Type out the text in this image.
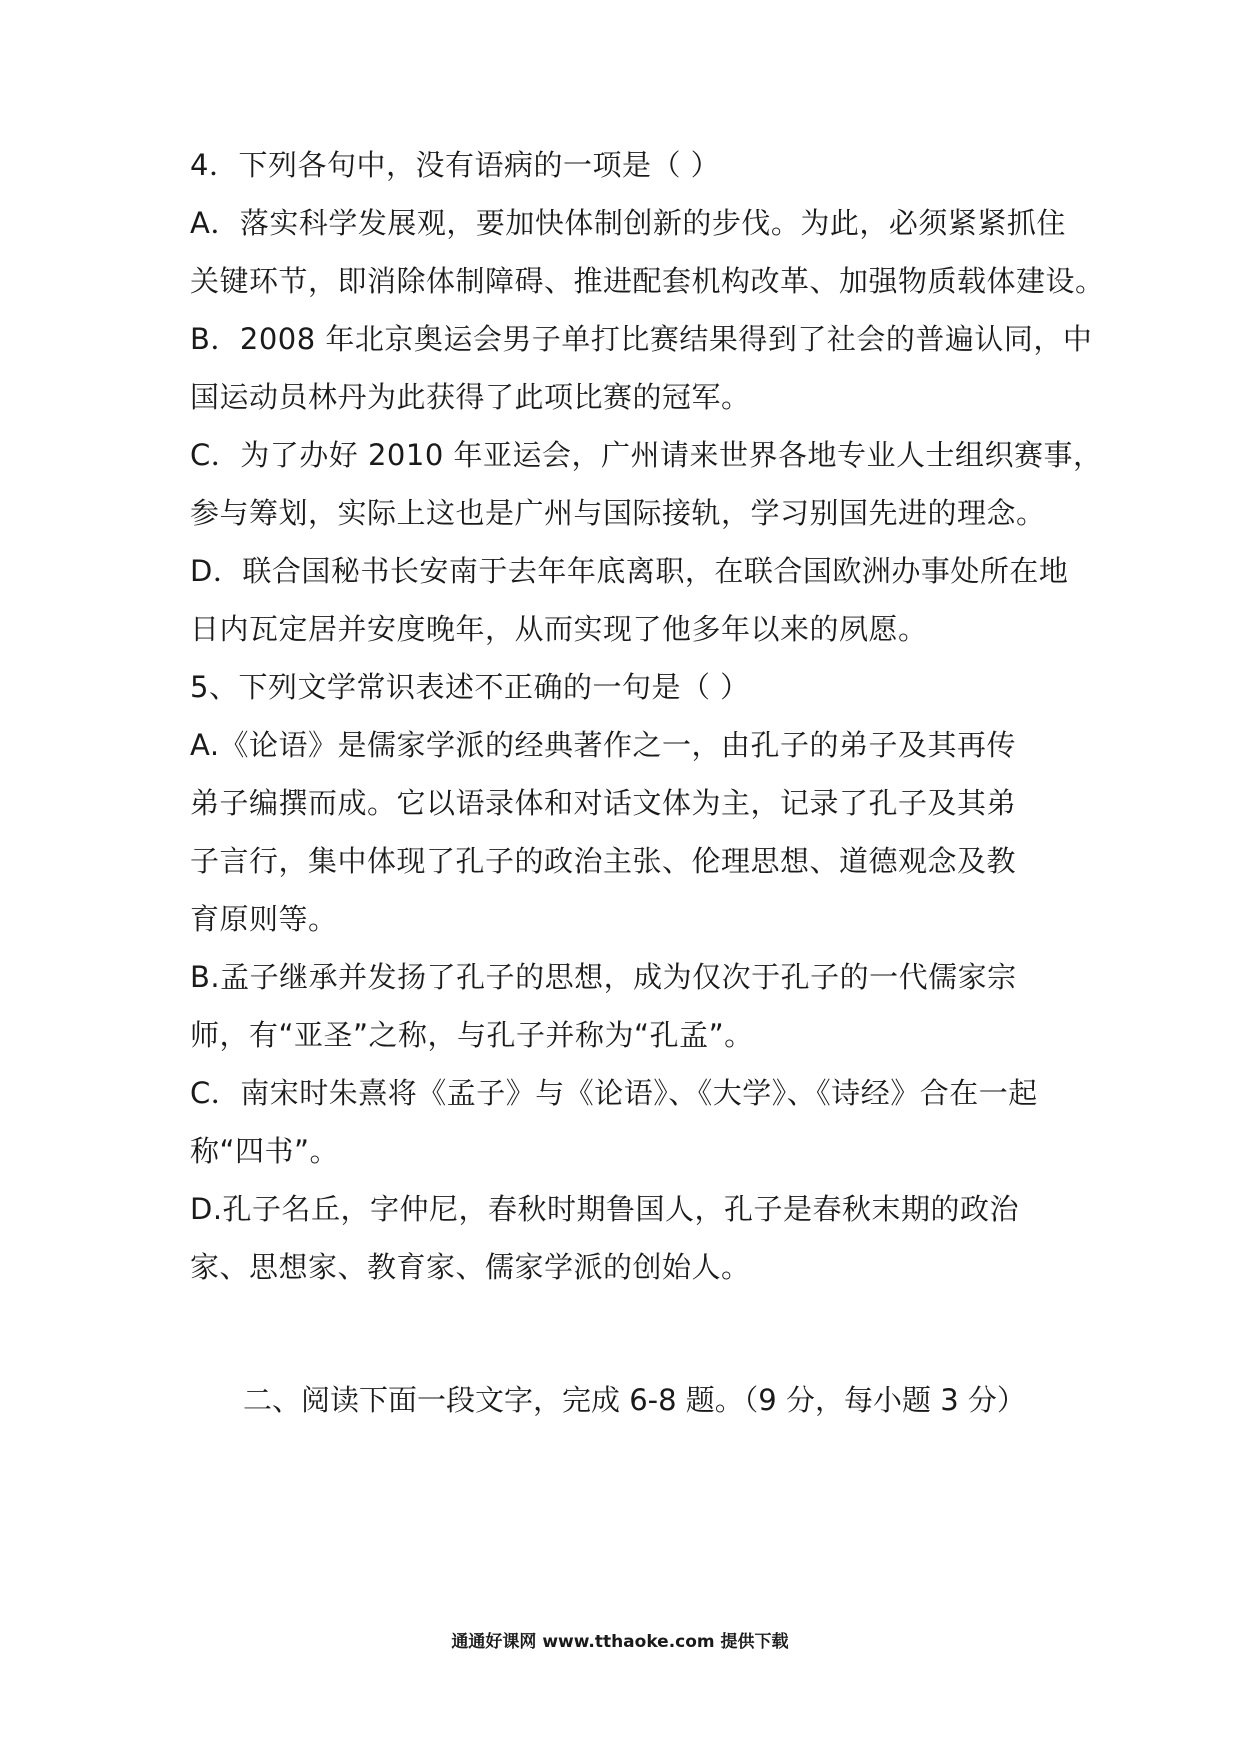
4．下列各句中，没有语病的一项是（ ）
A．落实科学发展观，要加快体制创新的步伐。为此，必须紧紧抓住
关键环节，即消除体制障碍、推进配套机构改革、加强物质载体建设。
B．2008 年北京奥运会男子单打比赛结果得到了社会的普遍认同，中
国运动员林丹为此获得了此项比赛的冠军。
C．为了办好 2010 年亚运会，广州请来世界各地专业人士组织赛事，
参与筹划，实际上这也是广州与国际接轨，学习别国先进的理念。
D．联合国秘书长安南于去年年底离职，在联合国欧洲办事处所在地
日内瓦定居并安度晚年，从而实现了他多年以来的夙愿。
5、下列文学常识表述不正确的一句是（ ）
A.《论语》是儒家学派的经典著作之一，由孔子的弟子及其再传
弟子编撰而成。它以语录体和对话文体为主，记录了孔子及其弟
子言行，集中体现了孔子的政治主张、伦理思想、道德观念及教
育原则等。
B.孟子继承并发扬了孔子的思想，成为仅次于孔子的一代儒家宗
师，有“亚圣”之称，与孔子并称为“孔孟”。
C．南宋时朱熹将《孟子》与《论语》、《大学》、《诗经》合在一起
称“四书”。
D.孔子名丘，字仲尼，春秋时期鲁国人，孔子是春秋末期的政治
家、思想家、教育家、儒家学派的创始人。
二、阅读下面一段文字，完成 6-8 题。（9 分，每小题 3 分）
通通好课网 www.tthaoke.com 提供下载
